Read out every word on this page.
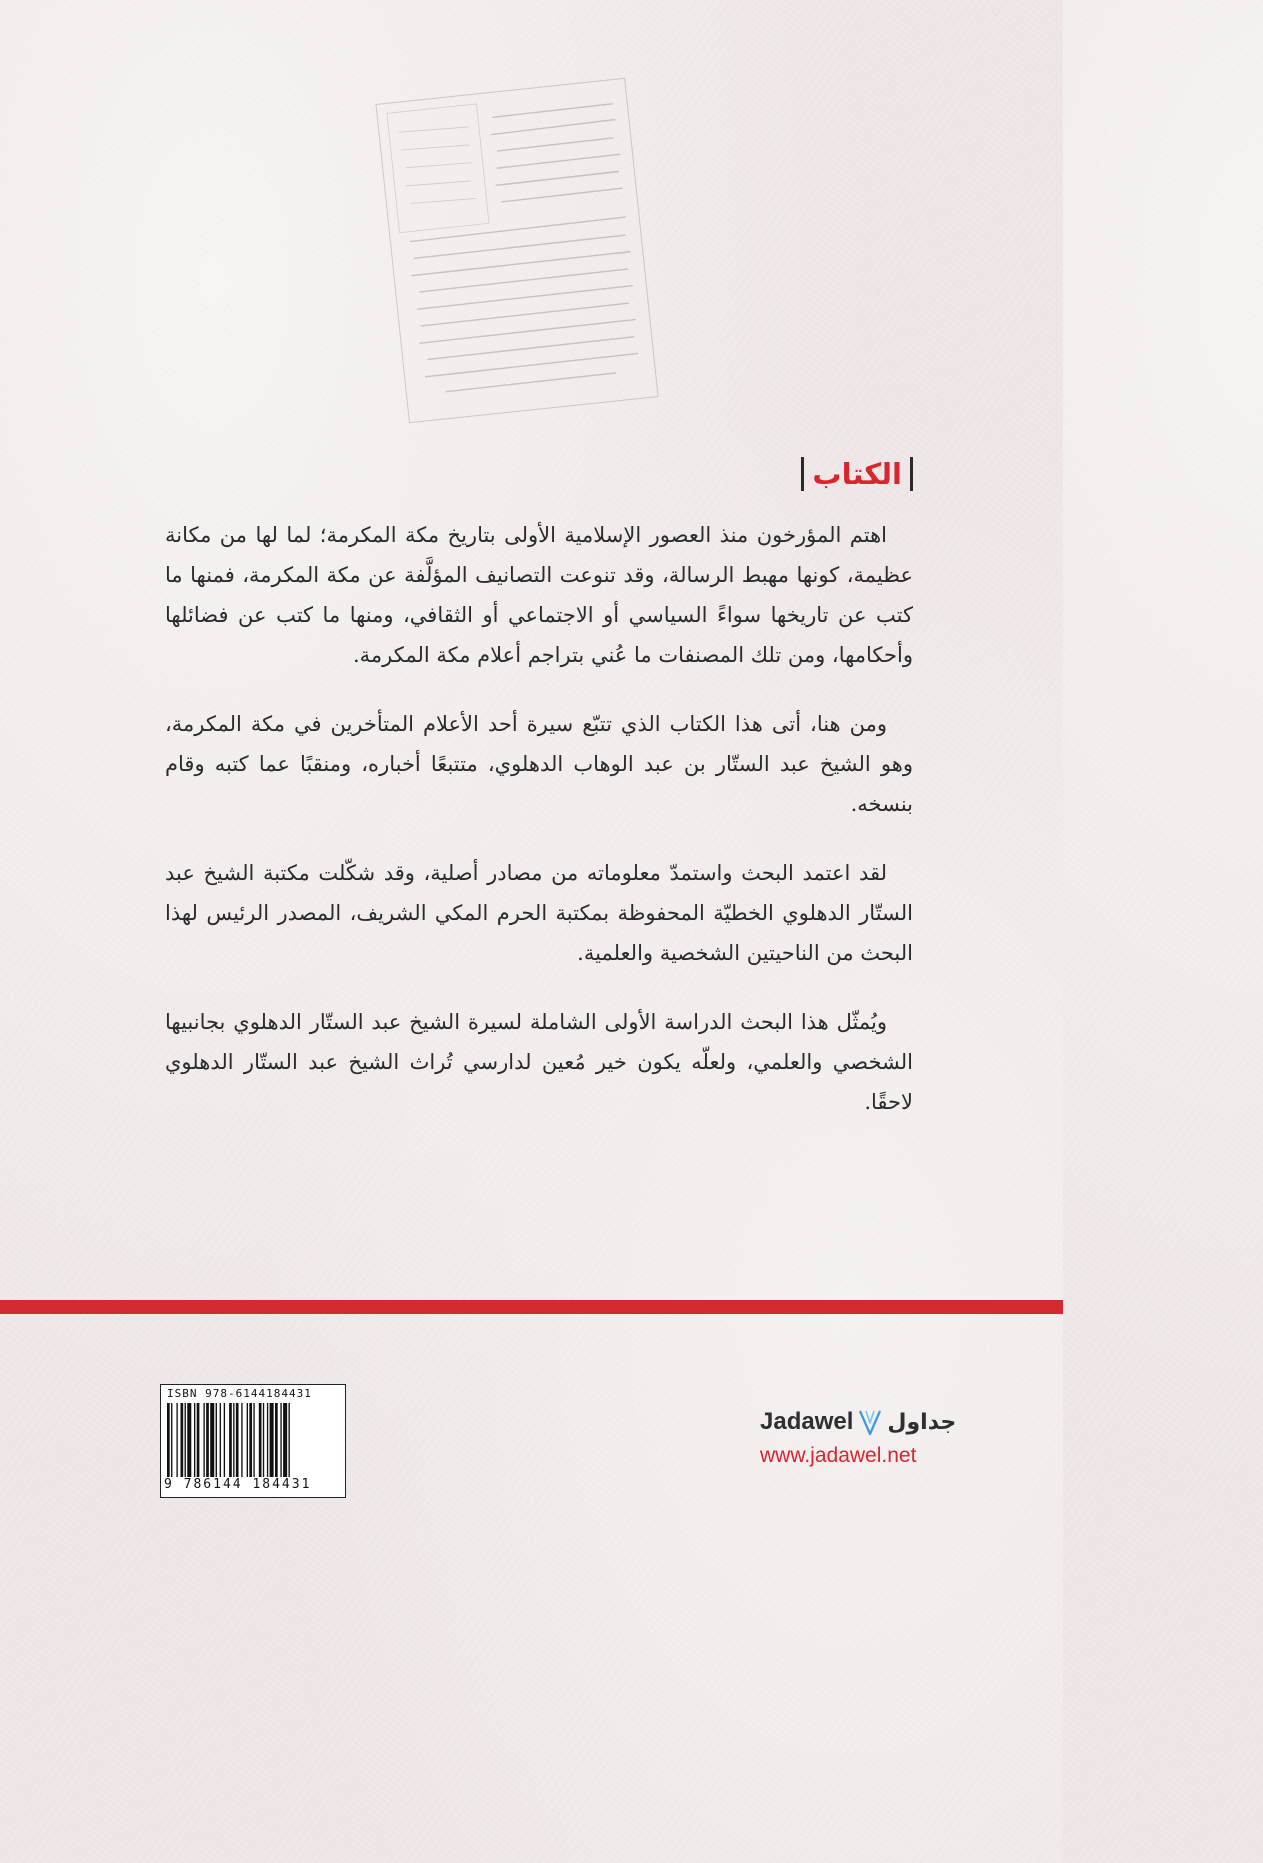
الكتاب

اهتم المؤرخون منذ العصور الإسلامية الأولى بتاريخ مكة المكرمة؛ لما لها من مكانة عظيمة، كونها مهبط الرسالة، وقد تنوعت التصانيف المؤلَّفة عن مكة المكرمة، فمنها ما كتب عن تاريخها سواءً السياسي أو الاجتماعي أو الثقافي، ومنها ما كتب عن فضائلها وأحكامها، ومن تلك المصنفات ما عُني بتراجم أعلام مكة المكرمة.

ومن هنا، أتى هذا الكتاب الذي تتبّع سيرة أحد الأعلام المتأخرين في مكة المكرمة، وهو الشيخ عبد الستّار بن عبد الوهاب الدهلوي، متتبعًا أخباره، ومنقبًا عما كتبه وقام بنسخه.

لقد اعتمد البحث واستمدّ معلوماته من مصادر أصلية، وقد شكّلت مكتبة الشيخ عبد الستّار الدهلوي الخطيّة المحفوظة بمكتبة الحرم المكي الشريف، المصدر الرئيس لهذا البحث من الناحيتين الشخصية والعلمية.

ويُمثّل هذا البحث الدراسة الأولى الشاملة لسيرة الشيخ عبد الستّار الدهلوي بجانبيها الشخصي والعلمي، ولعلّه يكون خير مُعين لدارسي تُراث الشيخ عبد الستّار الدهلوي لاحقًا.

ISBN 978-6144184431
9 786144 184431
Jadawel جداول
www.jadawel.net
